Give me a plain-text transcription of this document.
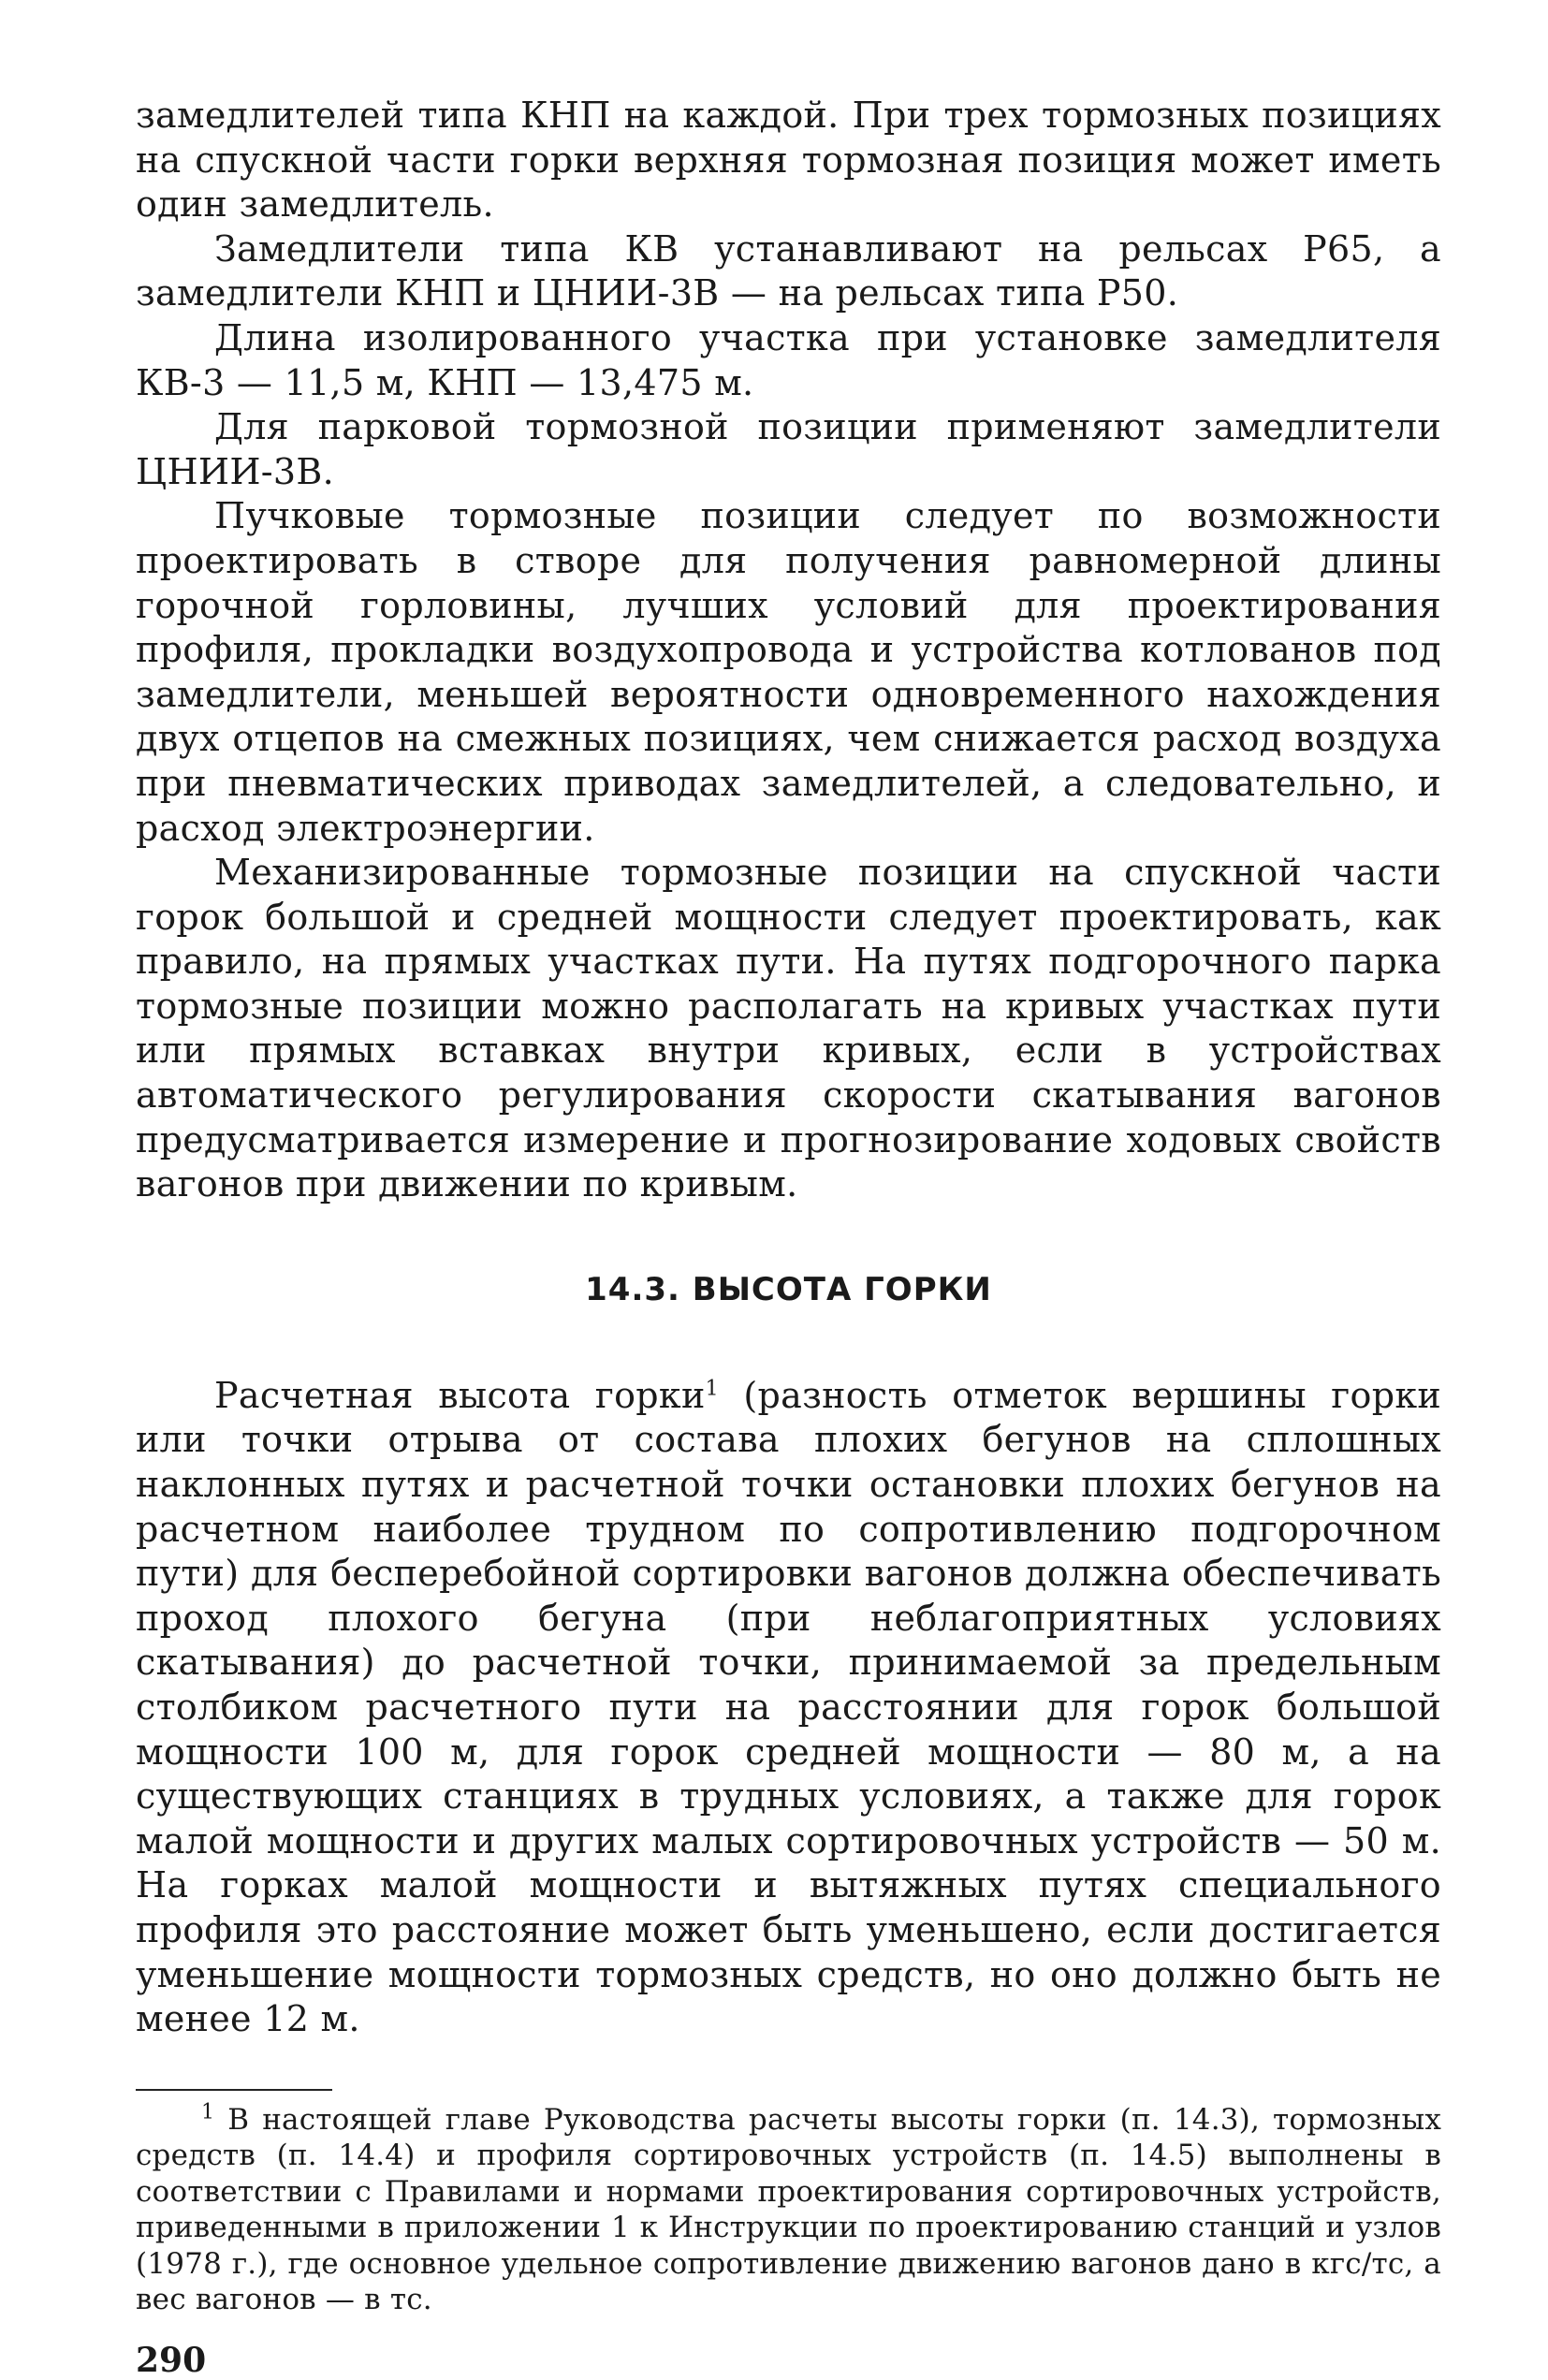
замедлителей типа КНП на каждой. При трех тормозных позициях на спускной части горки верхняя тормозная позиция может иметь один замедлитель.

Замедлители типа КВ устанавливают на рельсах Р65, а замедлители КНП и ЦНИИ-3В — на рельсах типа Р50.

Длина изолированного участка при установке замедлителя КВ-3 — 11,5 м, КНП — 13,475 м.

Для парковой тормозной позиции применяют замедлители ЦНИИ-3В.

Пучковые тормозные позиции следует по возможности проектировать в створе для получения равномерной длины горочной горловины, лучших условий для проектирования профиля, прокладки воздухопровода и устройства котлованов под замедлители, меньшей вероятности одновременного нахождения двух отцепов на смежных позициях, чем снижается расход воздуха при пневматических приводах замедлителей, а следовательно, и расход электроэнергии.

Механизированные тормозные позиции на спускной части горок большой и средней мощности следует проектировать, как правило, на прямых участках пути. На путях подгорочного парка тормозные позиции можно располагать на кривых участках пути или прямых вставках внутри кривых, если в устройствах автоматического регулирования скорости скатывания вагонов предусматривается измерение и прогнозирование ходовых свойств вагонов при движении по кривым.

14.3. ВЫСОТА ГОРКИ

Расчетная высота горки$^1$ (разность отметок вершины горки или точки отрыва от состава плохих бегунов на сплошных наклонных путях и расчетной точки остановки плохих бегунов на расчетном наиболее трудном по сопротивлению подгорочном пути) для бесперебойной сортировки вагонов должна обеспечивать проход плохого бегуна (при неблагоприятных условиях скатывания) до расчетной точки, принимаемой за предельным столбиком расчетного пути на расстоянии для горок большой мощности 100 м, для горок средней мощности — 80 м, а на существующих станциях в трудных условиях, а также для горок малой мощности и других малых сортировочных устройств — 50 м. На горках малой мощности и вытяжных путях специального профиля это расстояние может быть уменьшено, если достигается уменьшение мощности тормозных средств, но оно должно быть не менее 12 м.

$^1$ В настоящей главе Руководства расчеты высоты горки (п. 14.3), тормозных средств (п. 14.4) и профиля сортировочных устройств (п. 14.5) выполнены в соответствии с Правилами и нормами проектирования сортировочных устройств, приведенными в приложении 1 к Инструкции по проектированию станций и узлов (1978 г.), где основное удельное сопротивление движению вагонов дано в кгс/тс, а вес вагонов — в тс.

290
